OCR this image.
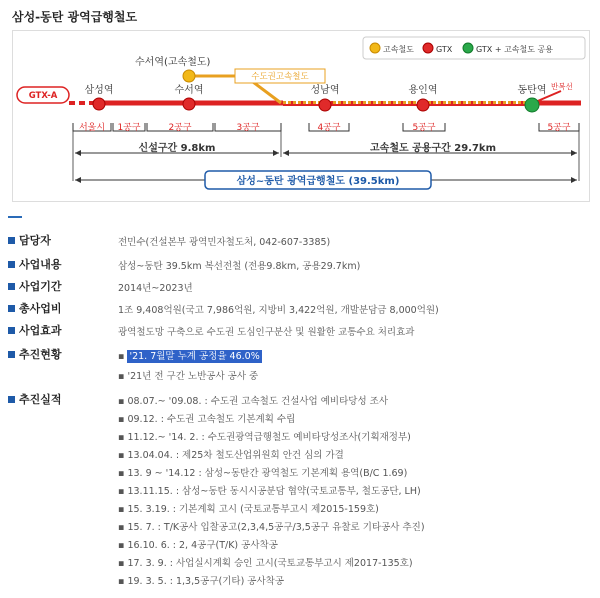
삼성-동탄 광역급행철도
고속철도	GTX	GTX + 고속철도 공용
GTX-A
수서역(고속철도)
수도권고속철도
삼성역	수서역	성남역	용인역	동탄역 반복선
서울시 1공구	2공구	3공구	4공구	5공구	5공구
신설구간 9.8km	고속철도 공용구간 29.7km
삼성~동탄 광역급행철도 (39.5km)
담당자	전민수(건설본부 광역민자철도처, 042-607-3385)
사업내용	삼성~동탄 39.5km 복선전철 (전용9.8km, 공용29.7km)
사업기간	2014년~2023년
총사업비	1조 9,408억원(국고 7,986억원, 지방비 3,422억원, 개발분담금 8,000억원)
사업효과	광역철도망 구축으로 수도권 도심인구분산 및 원활한 교통수요 처리효과
추진현황	▪ '21. 7월말 누계 공정율 46.0%
▪ '21년 전 구간 노반공사 공사 중
추진실적	▪ 08.07.~ '09.08. : 수도권 고속철도 건설사업 예비타당성 조사
▪ 09.12. : 수도권 고속철도 기본계획 수립
▪ 11.12.~ '14. 2. : 수도권광역급행철도 예비타당성조사(기획재정부)
▪ 13.04.04. : 제25차 철도산업위원회 안건 심의 가결
▪ 13. 9 ~ '14.12 : 삼성~동탄간 광역철도 기본계획 용역(B/C 1.69)
▪ 13.11.15. : 삼성~동탄 동시시공분담 협약(국토교통부, 철도공단, LH)
▪ 15. 3.19. : 기본계획 고시 (국토교통부고시 제2015-159호)
▪ 15. 7. : T/K공사 입찰공고(2,3,4,5공구/3,5공구 유찰로 기타공사 추진)
▪ 16.10. 6. : 2, 4공구(T/K) 공사착공
▪ 17. 3. 9. : 사업실시계획 승인 고시(국토교통부고시 제2017-135호)
▪ 19. 3. 5. : 1,3,5공구(기타) 공사착공
